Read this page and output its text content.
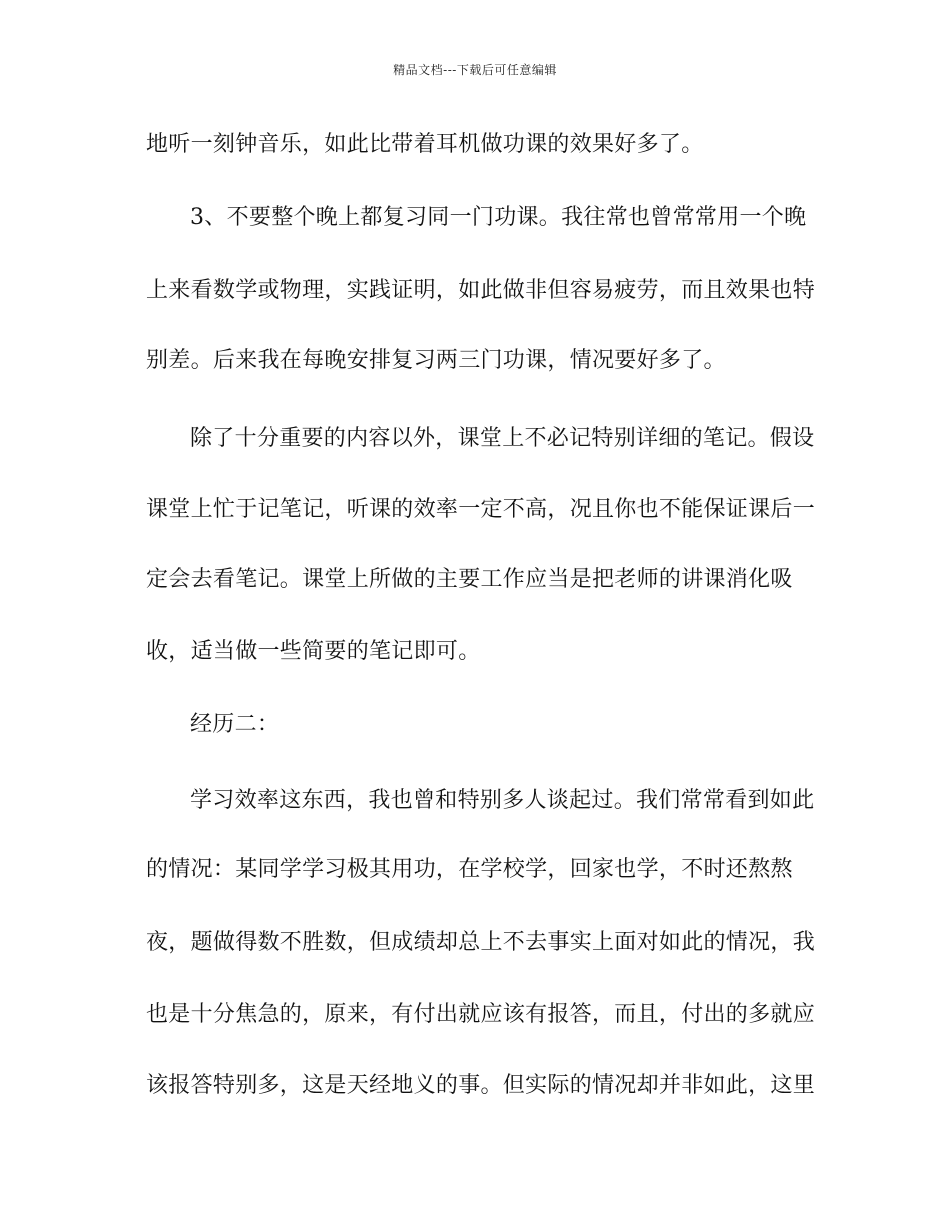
精品文档---下载后可任意编辑

地听一刻钟音乐，如此比带着耳机做功课的效果好多了。

3、不要整个晚上都复习同一门功课。我往常也曾常常用一个晚

上来看数学或物理，实践证明，如此做非但容易疲劳，而且效果也特

别差。后来我在每晚安排复习两三门功课，情况要好多了。

除了十分重要的内容以外，课堂上不必记特别详细的笔记。假设

课堂上忙于记笔记，听课的效率一定不高，况且你也不能保证课后一

定会去看笔记。课堂上所做的主要工作应当是把老师的讲课消化吸

收，适当做一些简要的笔记即可。

经历二：

学习效率这东西，我也曾和特别多人谈起过。我们常常看到如此

的情况：某同学学习极其用功，在学校学，回家也学，不时还熬熬

夜，题做得数不胜数，但成绩却总上不去事实上面对如此的情况，我

也是十分焦急的，原来，有付出就应该有报答，而且，付出的多就应

该报答特别多，这是天经地义的事。但实际的情况却并非如此，这里
